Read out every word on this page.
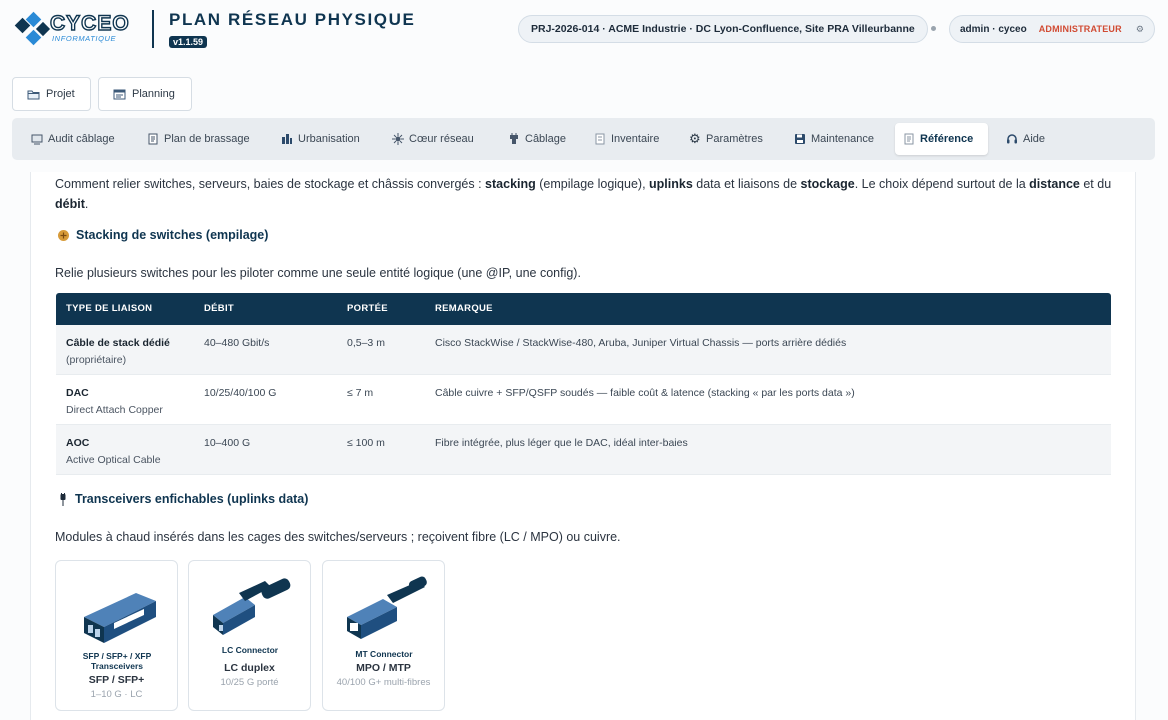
CYCEO
INFORMATIQUE
PLAN RÉSEAU PHYSIQUE
v1.1.59
PRJ-2026-014 · ACME Industrie · DC Lyon-Confluence, Site PRA Villeurbanne	admin · cyceo ADMINISTRATEUR ⚙
Projet	Planning
Audit câblage	Plan de brassage	Urbanisation	Cœur réseau	Câblage	Inventaire ⚙ Paramètres	Maintenance	Référence	Aide
Comment relier switches, serveurs, baies de stockage et châssis convergés : stacking (empilage logique), uplinks data et liaisons de stockage. Le choix dépend surtout de la distance et du débit.
Stacking de switches (empilage)
Relie plusieurs switches pour les piloter comme une seule entité logique (une @IP, une config).
TYPE DE LIAISON	DÉBIT	PORTÉE	REMARQUE
Câble de stack dédié
(propriétaire)
40–480 Gbit/s	0,5–3 m	Cisco StackWise / StackWise-480, Aruba, Juniper Virtual Chassis — ports arrière dédiés
DAC
Direct Attach Copper
10/25/40/100 G	≤ 7 m	Câble cuivre + SFP/QSFP soudés — faible coût & latence (stacking « par les ports data »)
AOC
Active Optical Cable
10–400 G	≤ 100 m	Fibre intégrée, plus léger que le DAC, idéal inter-baies
Transceivers enfichables (uplinks data)
Modules à chaud insérés dans les cages des switches/serveurs ; reçoivent fibre (LC / MPO) ou cuivre.
SFP / SFP+ / XFP
Transceivers
SFP / SFP+
1–10 G · LC
LC Connector
LC duplex
10/25 G porté
MT Connector
MPO / MTP
40/100 G+ multi-fibres
